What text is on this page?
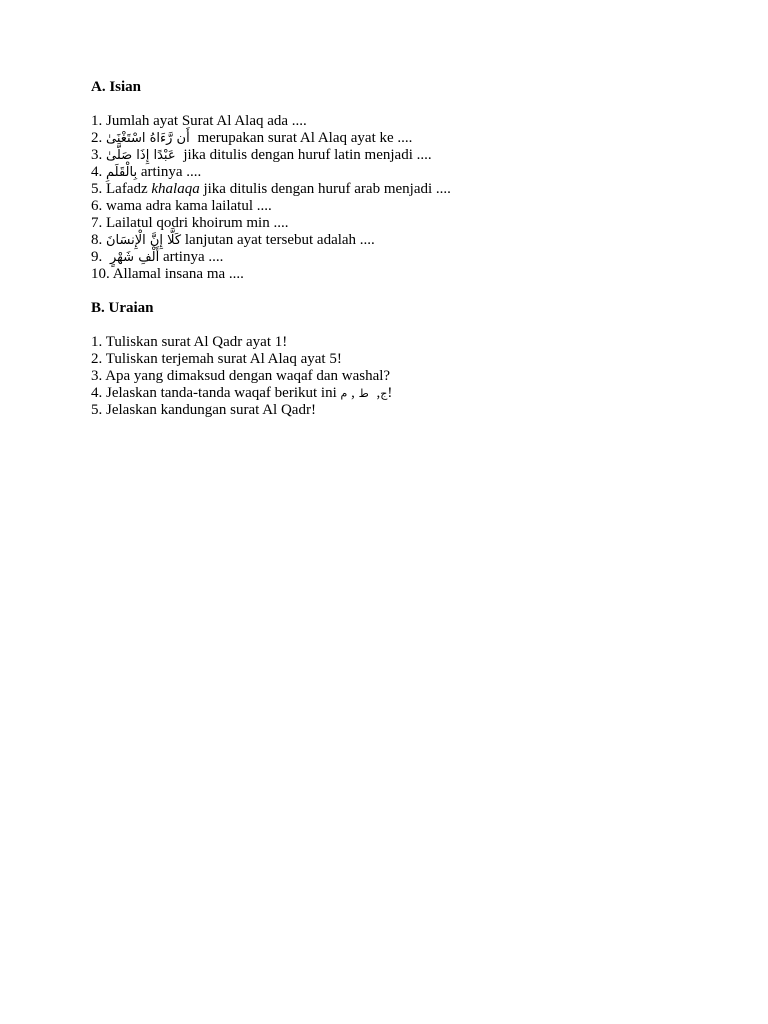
A. Isian
1. Jumlah ayat Surat Al Alaq ada ....
2. أَن رَّءَاهُ اسْتَغْنَىٰ merupakan surat Al Alaq ayat ke ....
3. عَبْدًا إِذَا صَلَّىٰ jika ditulis dengan huruf latin menjadi ....
4. بِالْقَلَمِ artinya ....
5. Lafadz khalaqa jika ditulis dengan huruf arab menjadi ....
6. wama adra kama lailatul ....
7. Lailatul qodri khoirum min ....
8. كَلَّا إِنَّ الْإِنسَانَ lanjutan ayat tersebut adalah ....
9. أَلْفِ شَهْرٍ artinya ....
10. Allamal insana ma ....
B. Uraian
1. Tuliskan surat Al Qadr ayat 1!
2. Tuliskan terjemah surat Al Alaq ayat 5!
3. Apa yang dimaksud dengan waqaf dan washal?
4. Jelaskan tanda-tanda waqaf berikut ini م , ط ,ج!
5. Jelaskan kandungan surat Al Qadr!
